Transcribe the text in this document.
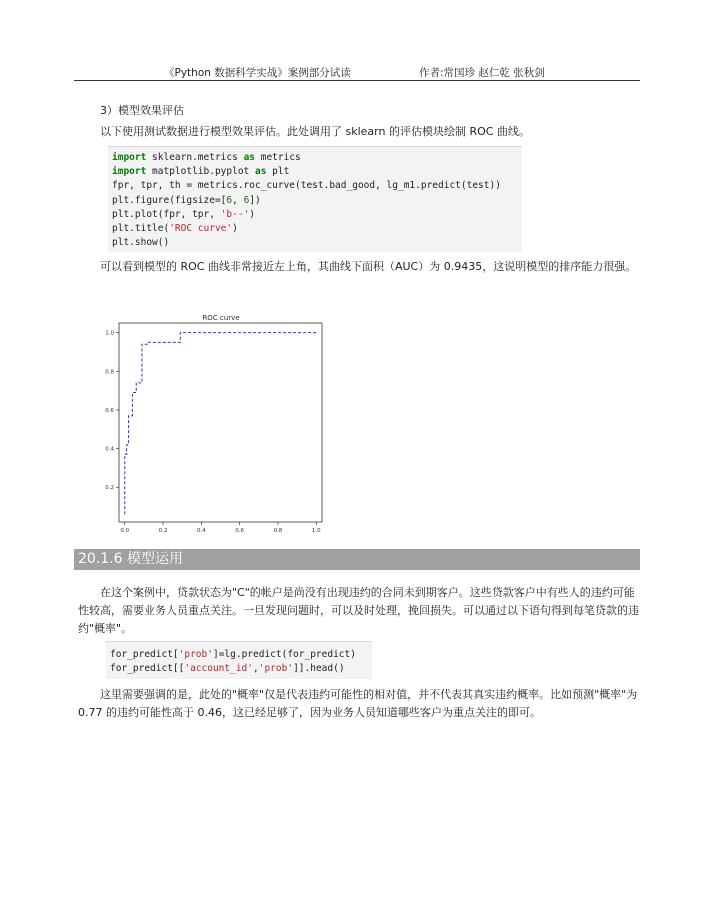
《Python 数据科学实战》案例部分试读	作者:常国珍 赵仁乾 张秋剑
3）模型效果评估
以下使用测试数据进行模型效果评估。此处调用了 sklearn 的评估模块绘制 ROC 曲线。
import sklearn.metrics as metrics
import matplotlib.pyplot as plt
fpr, tpr, th = metrics.roc_curve(test.bad_good, lg_m1.predict(test))
plt.figure(figsize=[6, 6])
plt.plot(fpr, tpr, 'b--')
plt.title('ROC curve')
plt.show()
可以看到模型的 ROC 曲线非常接近左上角，其曲线下面积（AUC）为 0.9435，这说明模型的排序能力很强。
ROC curve
0.2
0.4
0.6
0.8
1.0
0.0	0.2	0.4	0.6	0.8	1.0
20.1.6 模型运用
在这个案例中，贷款状态为"C"的帐户是尚没有出现违约的合同未到期客户。这些贷款客户中有些人的违约可能性较高，需要业务人员重点关注。一旦发现问题时，可以及时处理，挽回损失。可以通过以下语句得到每笔贷款的违约"概率"。
for_predict['prob']=lg.predict(for_predict)
for_predict[['account_id','prob']].head()
这里需要强调的是，此处的"概率"仅是代表违约可能性的相对值，并不代表其真实违约概率。比如预测"概率"为 0.77 的违约可能性高于 0.46，这已经足够了，因为业务人员知道哪些客户为重点关注的即可。
